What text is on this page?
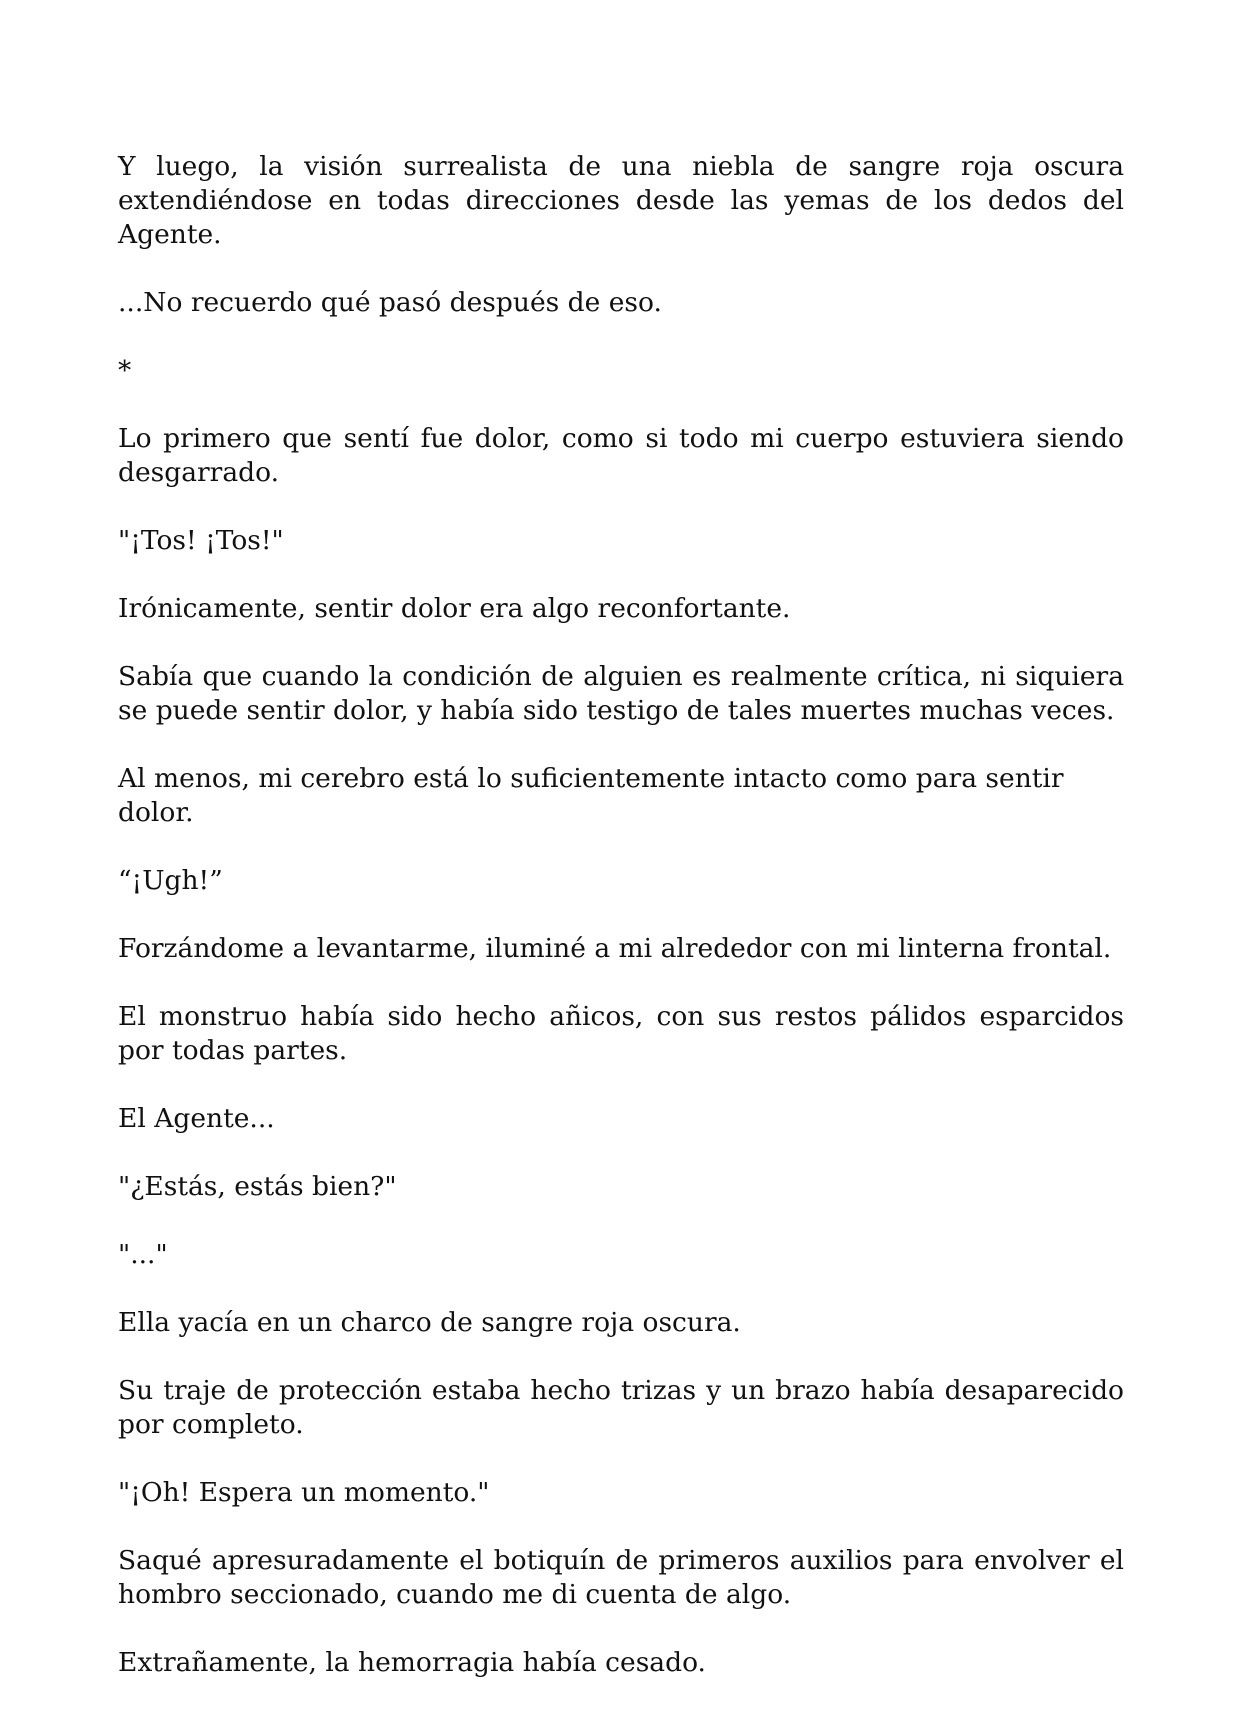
Y luego, la visión surrealista de una niebla de sangre roja oscura extendiéndose en todas direcciones desde las yemas de los dedos del Agente.

...No recuerdo qué pasó después de eso.

*

Lo primero que sentí fue dolor, como si todo mi cuerpo estuviera siendo desgarrado.

"¡Tos! ¡Tos!"

Irónicamente, sentir dolor era algo reconfortante.

Sabía que cuando la condición de alguien es realmente crítica, ni siquiera se puede sentir dolor, y había sido testigo de tales muertes muchas veces.

Al menos, mi cerebro está lo suficientemente intacto como para sentir dolor.

“¡Ugh!”

Forzándome a levantarme, iluminé a mi alrededor con mi linterna frontal.

El monstruo había sido hecho añicos, con sus restos pálidos esparcidos por todas partes.

El Agente...

"¿Estás, estás bien?"

"..."

Ella yacía en un charco de sangre roja oscura.

Su traje de protección estaba hecho trizas y un brazo había desaparecido por completo.

"¡Oh! Espera un momento."

Saqué apresuradamente el botiquín de primeros auxilios para envolver el hombro seccionado, cuando me di cuenta de algo.

Extrañamente, la hemorragia había cesado.
